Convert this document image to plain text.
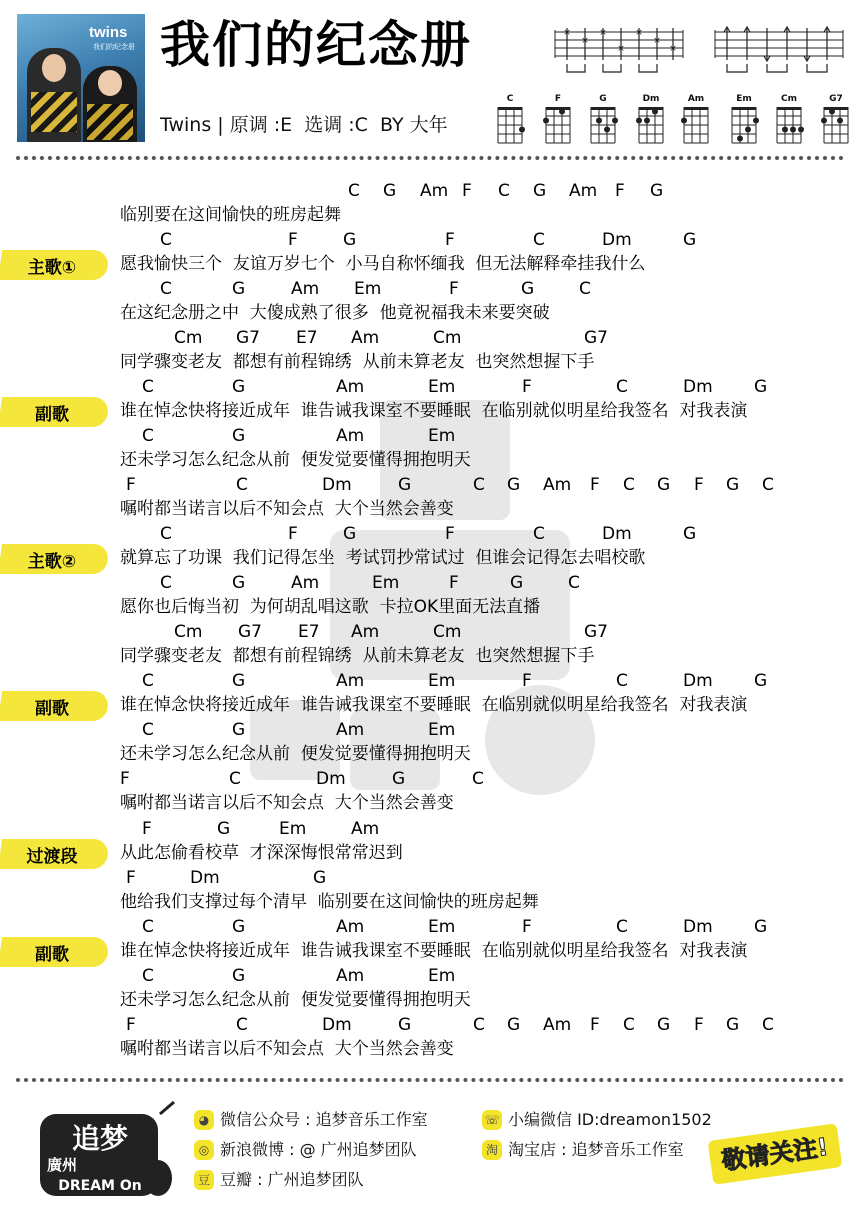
twins
我们的纪念册 我们的纪念册
Twins | 原调 :E  选调 :C  BY 大年
×
×
×
×
×
×
×
C	F	G	Dm	Am	Em	Cm	G7
C G Am F C G Am F G
临别要在这间愉快的班房起舞
C	F	G	F	C	Dm	G
愿我愉快三个  友谊万岁七个  小马自称怀缅我  但无法解释牵挂我什么
主歌①
C	G	Am Em	F	G	C
在这纪念册之中  大傻成熟了很多  他竟祝福我未来要突破
Cm G7 E7 Am	Cm	G7
同学骤变老友  都想有前程锦绣  从前未算老友  也突然想握下手
C	G	Am	Em	F	C	Dm G
谁在悼念快将接近成年  谁告诫我课室不要睡眠  在临别就似明星给我签名  对我表演
副歌
C	G	Am	Em
还未学习怎么纪念从前  便发觉要懂得拥抱明天
F	C	Dm	G	C G Am F C G F G C
嘱咐都当诺言以后不知会点  大个当然会善变
C	F	G	F	C	Dm	G
就算忘了功课  我们记得怎坐  考试罚抄常试过  但谁会记得怎去唱校歌
主歌②
C	G	Am	Em	F	G	C
愿你也后悔当初  为何胡乱唱这歌  卡拉OK里面无法直播
Cm G7 E7 Am	Cm	G7
同学骤变老友  都想有前程锦绣  从前未算老友  也突然想握下手
C	G	Am	Em	F	C	Dm G
谁在悼念快将接近成年  谁告诫我课室不要睡眠  在临别就似明星给我签名  对我表演
副歌
C	G	Am	Em
还未学习怎么纪念从前  便发觉要懂得拥抱明天
F	C	Dm	G	C
嘱咐都当诺言以后不知会点  大个当然会善变
F	G	Em	Am
从此怎偷看校草  才深深悔恨常常迟到
过渡段
F	Dm	G
他给我们支撑过每个清早  临别要在这间愉快的班房起舞
C	G	Am	Em	F	C	Dm G
谁在悼念快将接近成年  谁告诫我课室不要睡眠  在临别就似明星给我签名  对我表演
副歌
C	G	Am	Em
还未学习怎么纪念从前  便发觉要懂得拥抱明天
F	C	Dm	G	C G Am F C G F G C
嘱咐都当诺言以后不知会点  大个当然会善变
追梦
廣州
DREAM On
◕ 微信公众号 : 追梦音乐工作室
◎ 新浪微博 : @ 广州追梦团队
豆 豆瓣 : 广州追梦团队
☏ 小编微信 ID:dreamon1502
淘 淘宝店 : 追梦音乐工作室	敬请关注!
